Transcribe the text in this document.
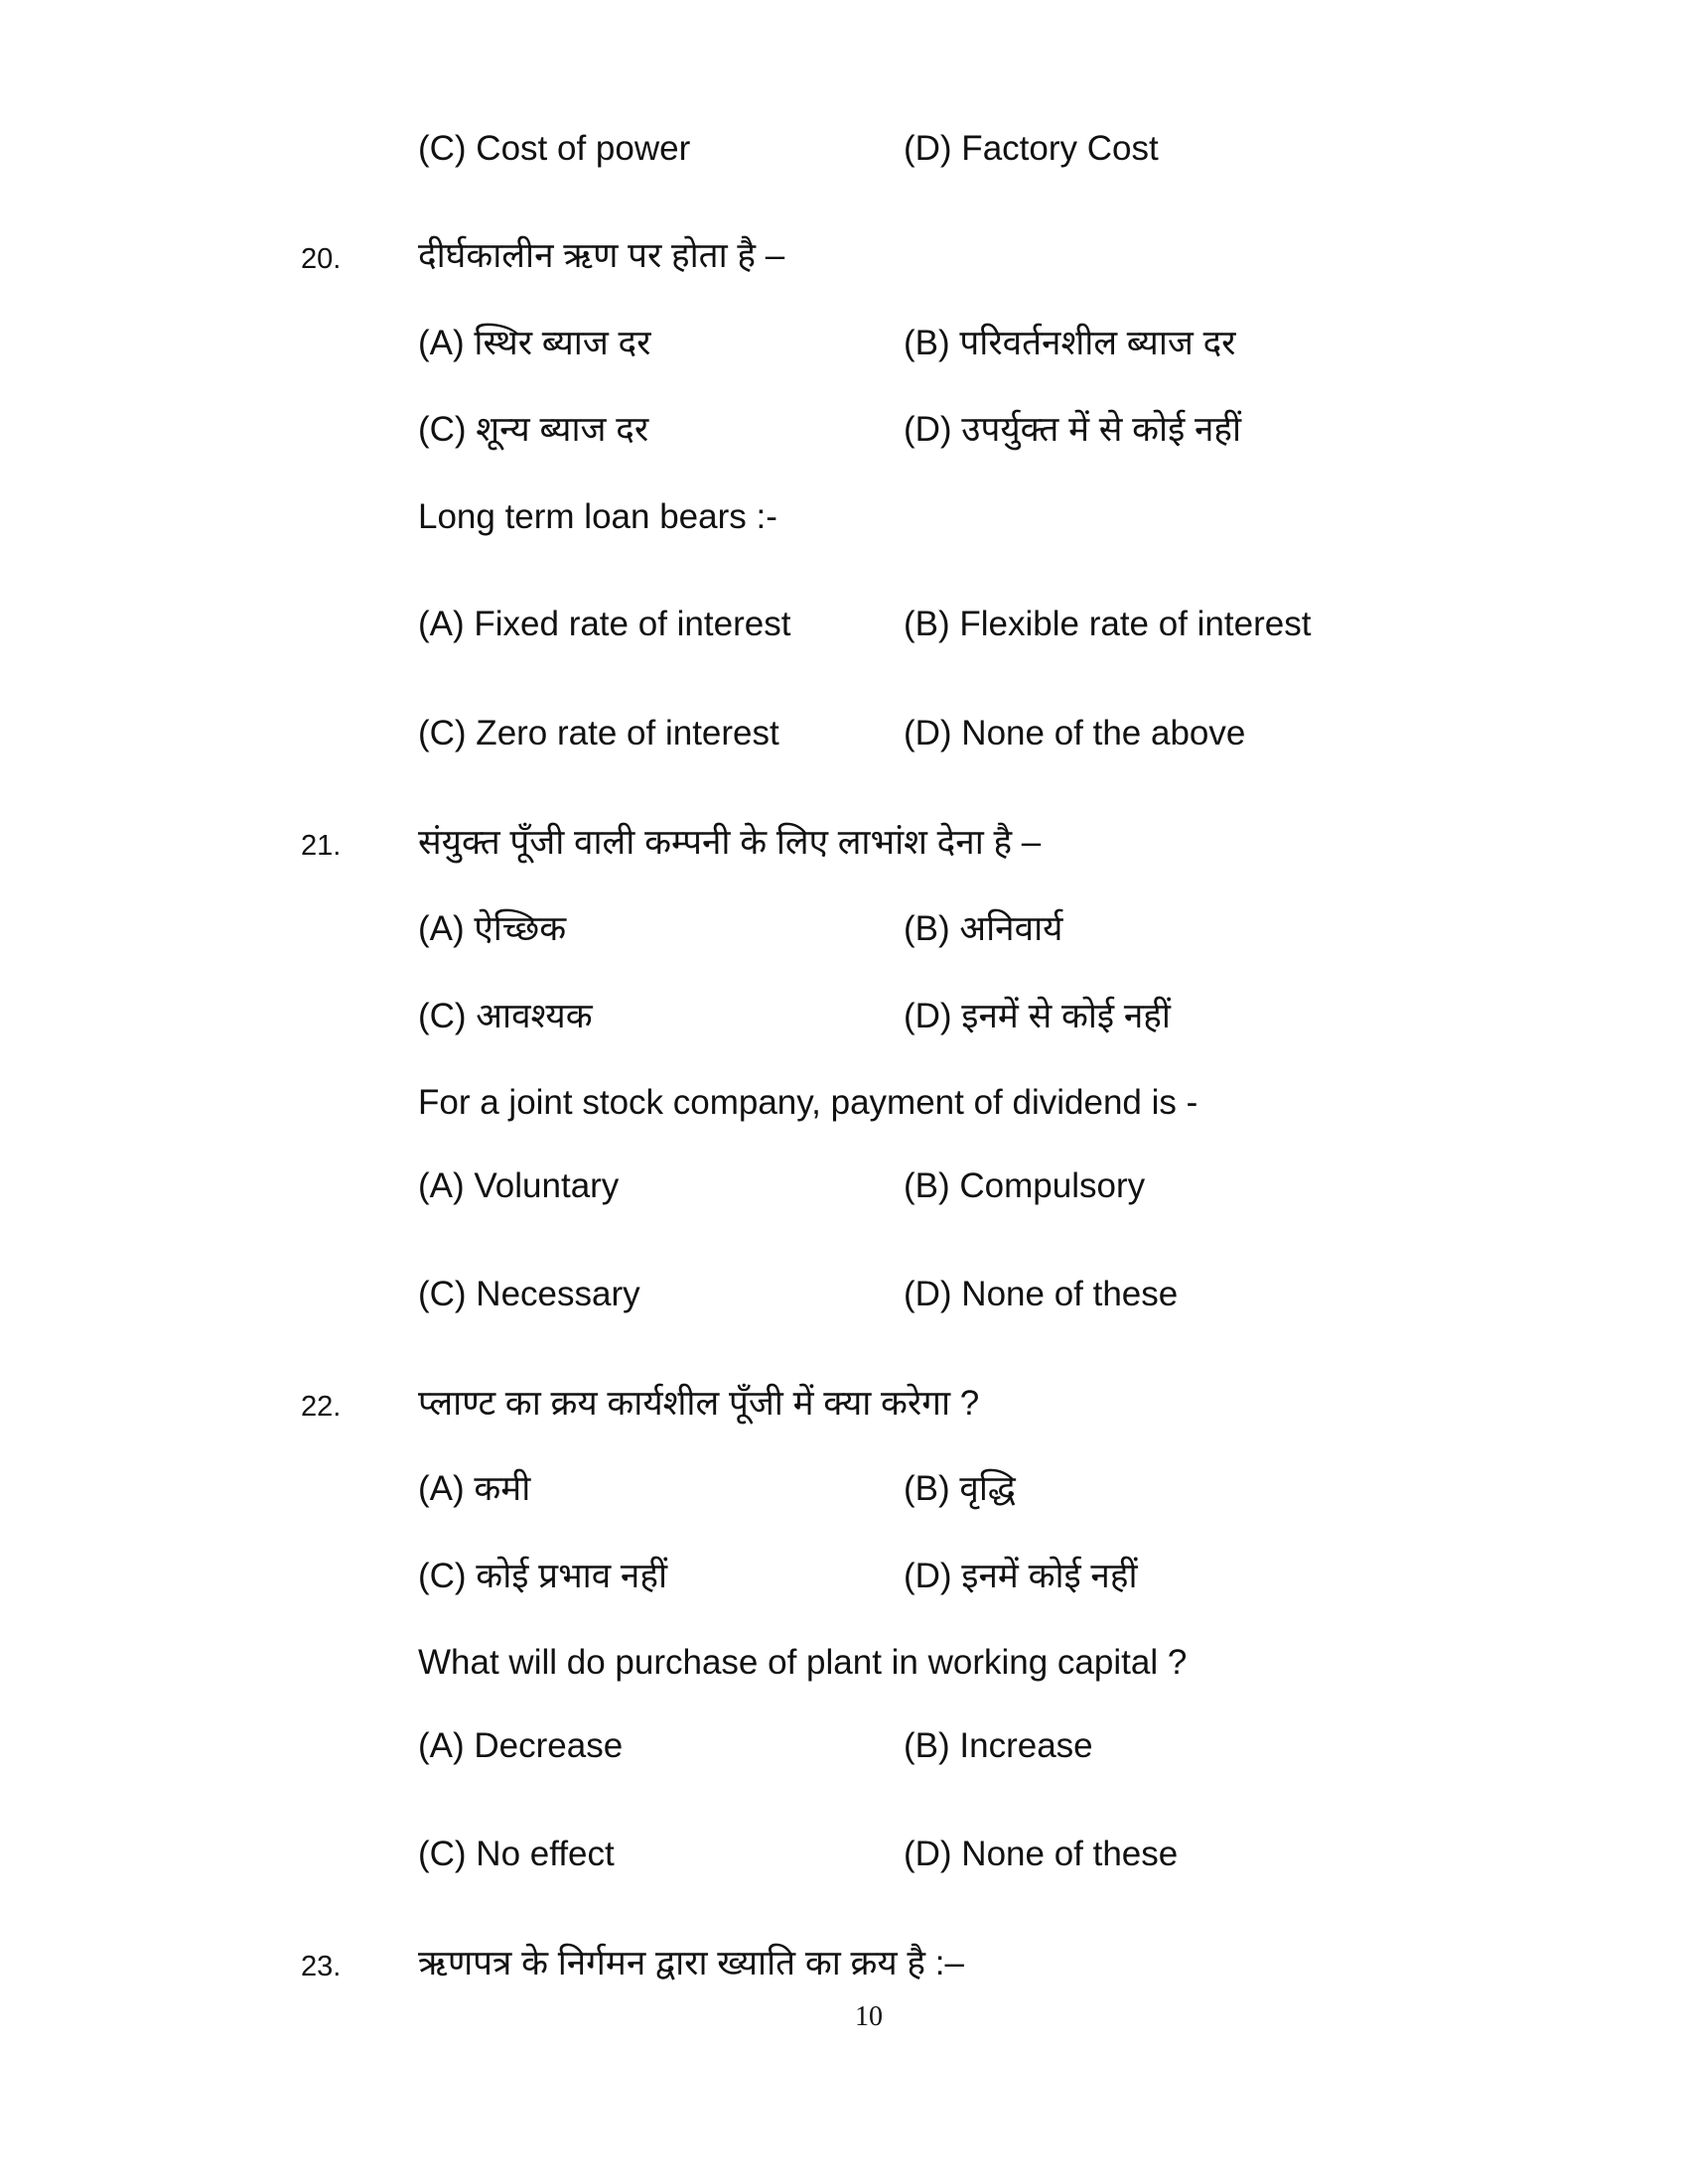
(C) Cost of power	(D) Factory Cost
20. दीर्घकालीन ऋण पर होता है –
(A) स्थिर ब्याज दर	(B) परिवर्तनशील ब्याज दर
(C) शून्य ब्याज दर	(D) उपर्युक्त में से कोई नहीं
Long term loan bears :-
(A) Fixed rate of interest	(B) Flexible rate of interest
(C) Zero rate of interest	(D) None of the above
21. संयुक्त पूँजी वाली कम्पनी के लिए लाभांश देना है –
(A) ऐच्छिक	(B) अनिवार्य
(C) आवश्यक	(D) इनमें से कोई नहीं
For a joint stock company, payment of dividend is -
(A) Voluntary	(B) Compulsory
(C) Necessary	(D) None of these
22. प्लाण्ट का क्रय कार्यशील पूँजी में क्या करेगा ?
(A) कमी	(B) वृद्धि
(C) कोई प्रभाव नहीं	(D) इनमें कोई नहीं
What will do purchase of plant in working capital ?
(A) Decrease	(B) Increase
(C) No effect	(D) None of these
23. ऋणपत्र के निर्गमन द्वारा ख्याति का क्रय है :–
10
